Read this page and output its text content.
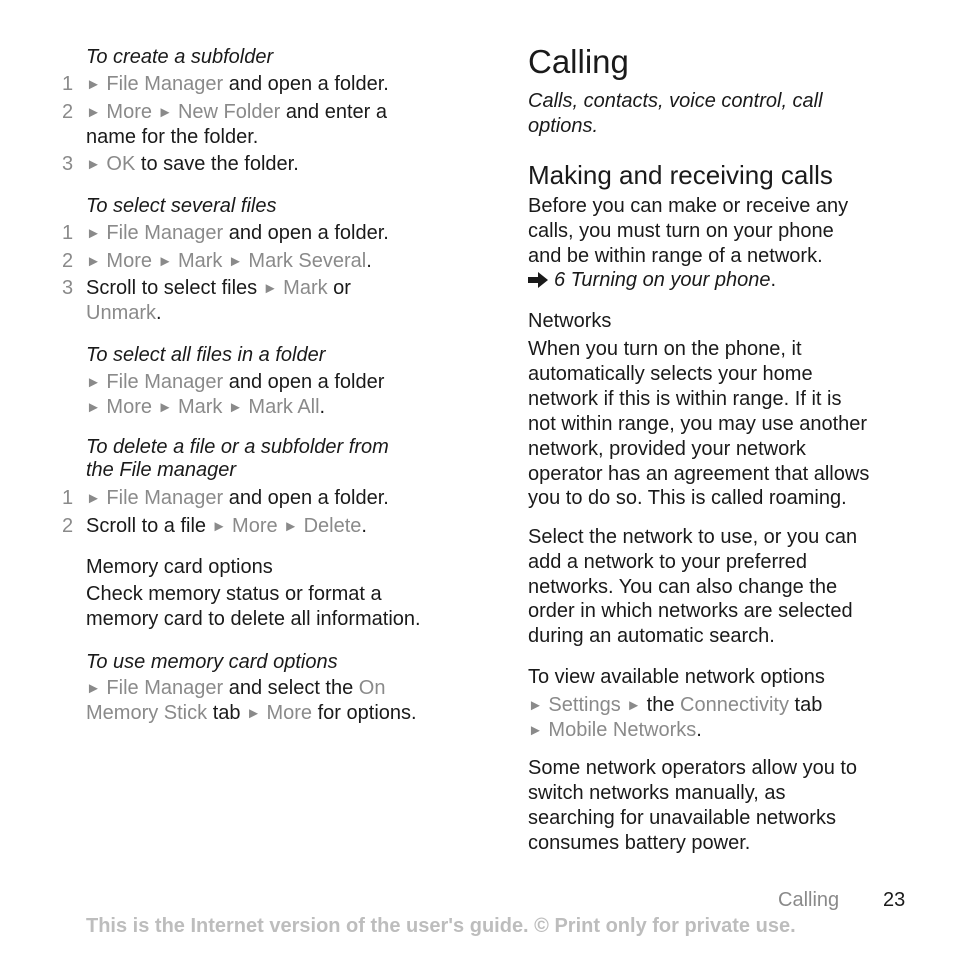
To create a subfolder
1 ► File Manager and open a folder.
2 ► More ► New Folder and enter a
name for the folder.
3 ► OK to save the folder.
To select several files
1 ► File Manager and open a folder.
2 ► More ► Mark ► Mark Several.
3 Scroll to select files ► Mark or
Unmark.
To select all files in a folder
► File Manager and open a folder
► More ► Mark ► Mark All.
To delete a file or a subfolder from
the File manager
1 ► File Manager and open a folder.
2 Scroll to a file ► More ► Delete.
Memory card options
Check memory status or format a
memory card to delete all information.
To use memory card options
► File Manager and select the On
Memory Stick tab ► More for options.
Calling
Calls, contacts, voice control, call
options.
Making and receiving calls
Before you can make or receive any
calls, you must turn on your phone
and be within range of a network.
6 Turning on your phone.
Networks
When you turn on the phone, it
automatically selects your home
network if this is within range. If it is
not within range, you may use another
network, provided your network
operator has an agreement that allows
you to do so. This is called roaming.
Select the network to use, or you can
add a network to your preferred
networks. You can also change the
order in which networks are selected
during an automatic search.
To view available network options
► Settings ► the Connectivity tab
► Mobile Networks.
Some network operators allow you to
switch networks manually, as
searching for unavailable networks
consumes battery power.
Calling 23
This is the Internet version of the user's guide. © Print only for private use.
